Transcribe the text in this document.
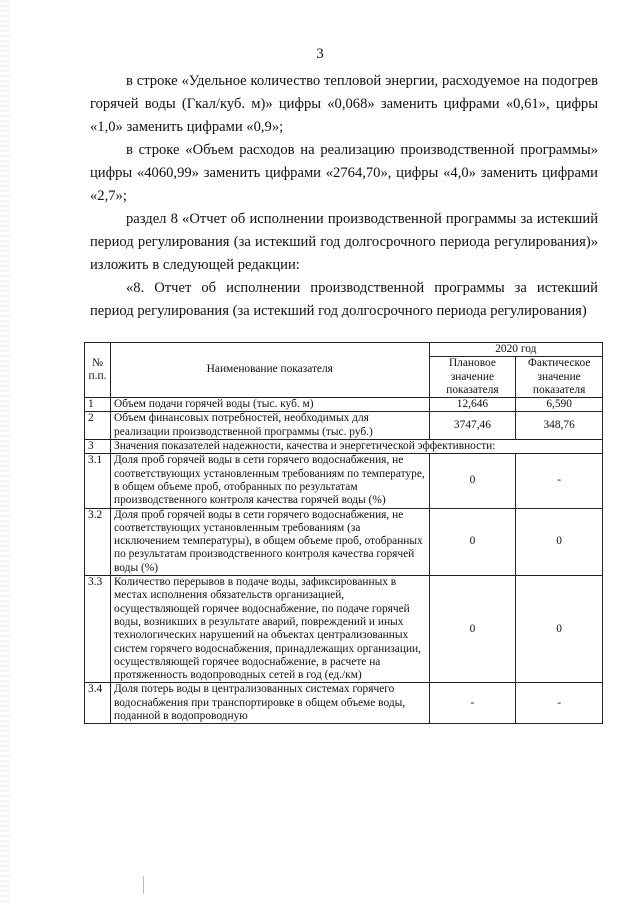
3
в строке «Удельное количество тепловой энергии, расходуемое на подогрев горячей воды (Гкал/куб. м)» цифры «0,068» заменить цифрами «0,61», цифры «1,0» заменить цифрами «0,9»;
в строке «Объем расходов на реализацию производственной программы» цифры «4060,99» заменить цифрами «2764,70», цифры «4,0» заменить цифрами «2,7»;
раздел 8 «Отчет об исполнении производственной программы за истекший период регулирования (за истекший год долгосрочного периода регулирования)» изложить в следующей редакции:
«8. Отчет об исполнении производственной программы за истекший период регулирования (за истекший год долгосрочного периода регулирования)
№ п.п.	Наименование показателя	2020 год	
		Плановое значение показателя	Фактическое значение показателя
1	Объем подачи горячей воды (тыс. куб. м)	12,646	6,590
2	Объем финансовых потребностей, необходимых для реализации производственной программы (тыс. руб.)	3747,46	348,76
3	Значения показателей надежности, качества и энергетической эффективности:		
3.1	Доля проб горячей воды в сети горячего водоснабжения, не соответствующих установленным требованиям по температуре, в общем объеме проб, отобранных по результатам производственного контроля качества горячей воды (%)	0	-
3.2	Доля проб горячей воды в сети горячего водоснабжения, не соответствующих установленным требованиям (за исключением температуры), в общем объеме проб, отобранных по результатам производственного контроля качества горячей воды (%)	0	0
3.3	Количество перерывов в подаче воды, зафиксированных в местах исполнения обязательств организацией, осуществляющей горячее водоснабжение, по подаче горячей воды, возникших в результате аварий, повреждений и иных технологических нарушений на объектах централизованных систем горячего водоснабжения, принадлежащих организации, осуществляющей горячее водоснабжение, в расчете на протяженность водопроводных сетей в год (ед./км)	0	0
3.4	Доля потерь воды в централизованных системах горячего водоснабжения при транспортировке в общем объеме воды, поданной в водопроводную	-	-
